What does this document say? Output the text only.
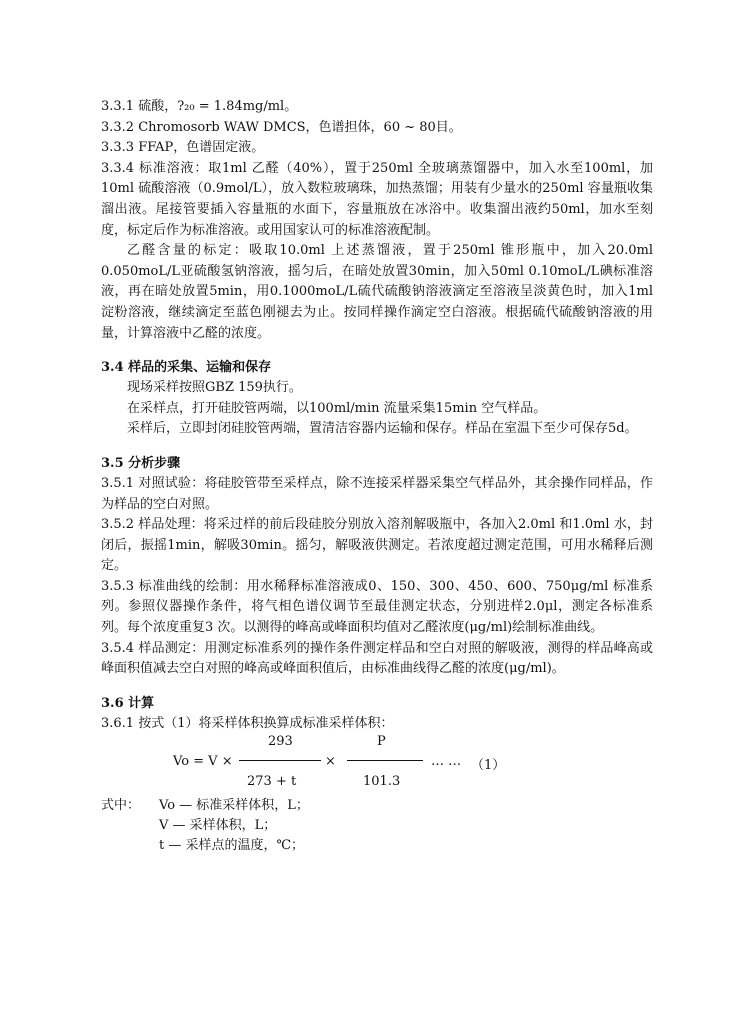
3.3.1 硫酸，?₂₀ = 1.84mg/ml。

3.3.2 Chromosorb WAW DMCS，色谱担体，60 ~ 80目。

3.3.3 FFAP，色谱固定液。

3.3.4 标准溶液：取1ml 乙醛（40%），置于250ml 全玻璃蒸馏器中，加入水至100ml，加10ml 硫酸溶液（0.9mol/L），放入数粒玻璃珠，加热蒸馏；用装有少量水的250ml 容量瓶收集溜出液。尾接管要插入容量瓶的水面下，容量瓶放在冰浴中。收集溜出液约50ml，加水至刻度，标定后作为标准溶液。或用国家认可的标准溶液配制。

乙醛含量的标定：吸取10.0ml 上述蒸馏液，置于250ml 锥形瓶中，加入20.0ml 0.050moL/L亚硫酸氢钠溶液，摇匀后，在暗处放置30min，加入50ml 0.10moL/L碘标准溶液，再在暗处放置5min，用0.1000moL/L硫代硫酸钠溶液滴定至溶液呈淡黄色时，加入1ml 淀粉溶液，继续滴定至蓝色刚褪去为止。按同样操作滴定空白溶液。根据硫代硫酸钠溶液的用量，计算溶液中乙醛的浓度。

3.4 样品的采集、运输和保存

现场采样按照GBZ 159执行。

在采样点，打开硅胶管两端，以100ml/min 流量采集15min 空气样品。

采样后，立即封闭硅胶管两端，置清洁容器内运输和保存。样品在室温下至少可保存5d。

3.5 分析步骤

3.5.1 对照试验：将硅胶管带至采样点，除不连接采样器采集空气样品外，其余操作同样品，作为样品的空白对照。

3.5.2 样品处理：将采过样的前后段硅胶分别放入溶剂解吸瓶中，各加入2.0ml 和1.0ml 水，封闭后，振摇1min，解吸30min。摇匀，解吸液供测定。若浓度超过测定范围，可用水稀释后测定。

3.5.3 标准曲线的绘制：用水稀释标准溶液成0、150、300、450、600、750μg/ml 标准系列。参照仪器操作条件，将气相色谱仪调节至最佳测定状态，分别进样2.0μl，测定各标准系列。每个浓度重复3 次。以测得的峰高或峰面积均值对乙醛浓度(μg/ml)绘制标准曲线。

3.5.4 样品测定：用测定标准系列的操作条件测定样品和空白对照的解吸液，测得的样品峰高或峰面积值减去空白对照的峰高或峰面积值后，由标准曲线得乙醛的浓度(μg/ml)。

3.6 计算

3.6.1 按式（1）将采样体积换算成标准采样体积：

Vo = V ×
293
273 + t
×
P
101.3
… … （1）
式中： Vo — 标准采样体积，L；
V — 采样体积，L；
t — 采样点的温度，℃；
